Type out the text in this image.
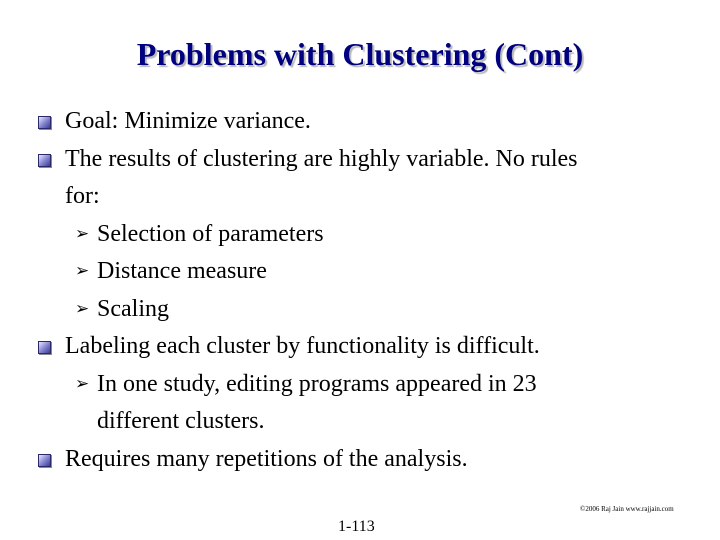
Problems with Clustering (Cont)
Goal: Minimize variance.
The results of clustering are highly variable. No rules
for:
➢ Selection of parameters
➢ Distance measure
➢ Scaling
Labeling each cluster by functionality is difficult.
➢ In one study, editing programs appeared in 23
different clusters.
Requires many repetitions of the analysis.
©2006 Raj Jain www.rajjain.com
1-113
